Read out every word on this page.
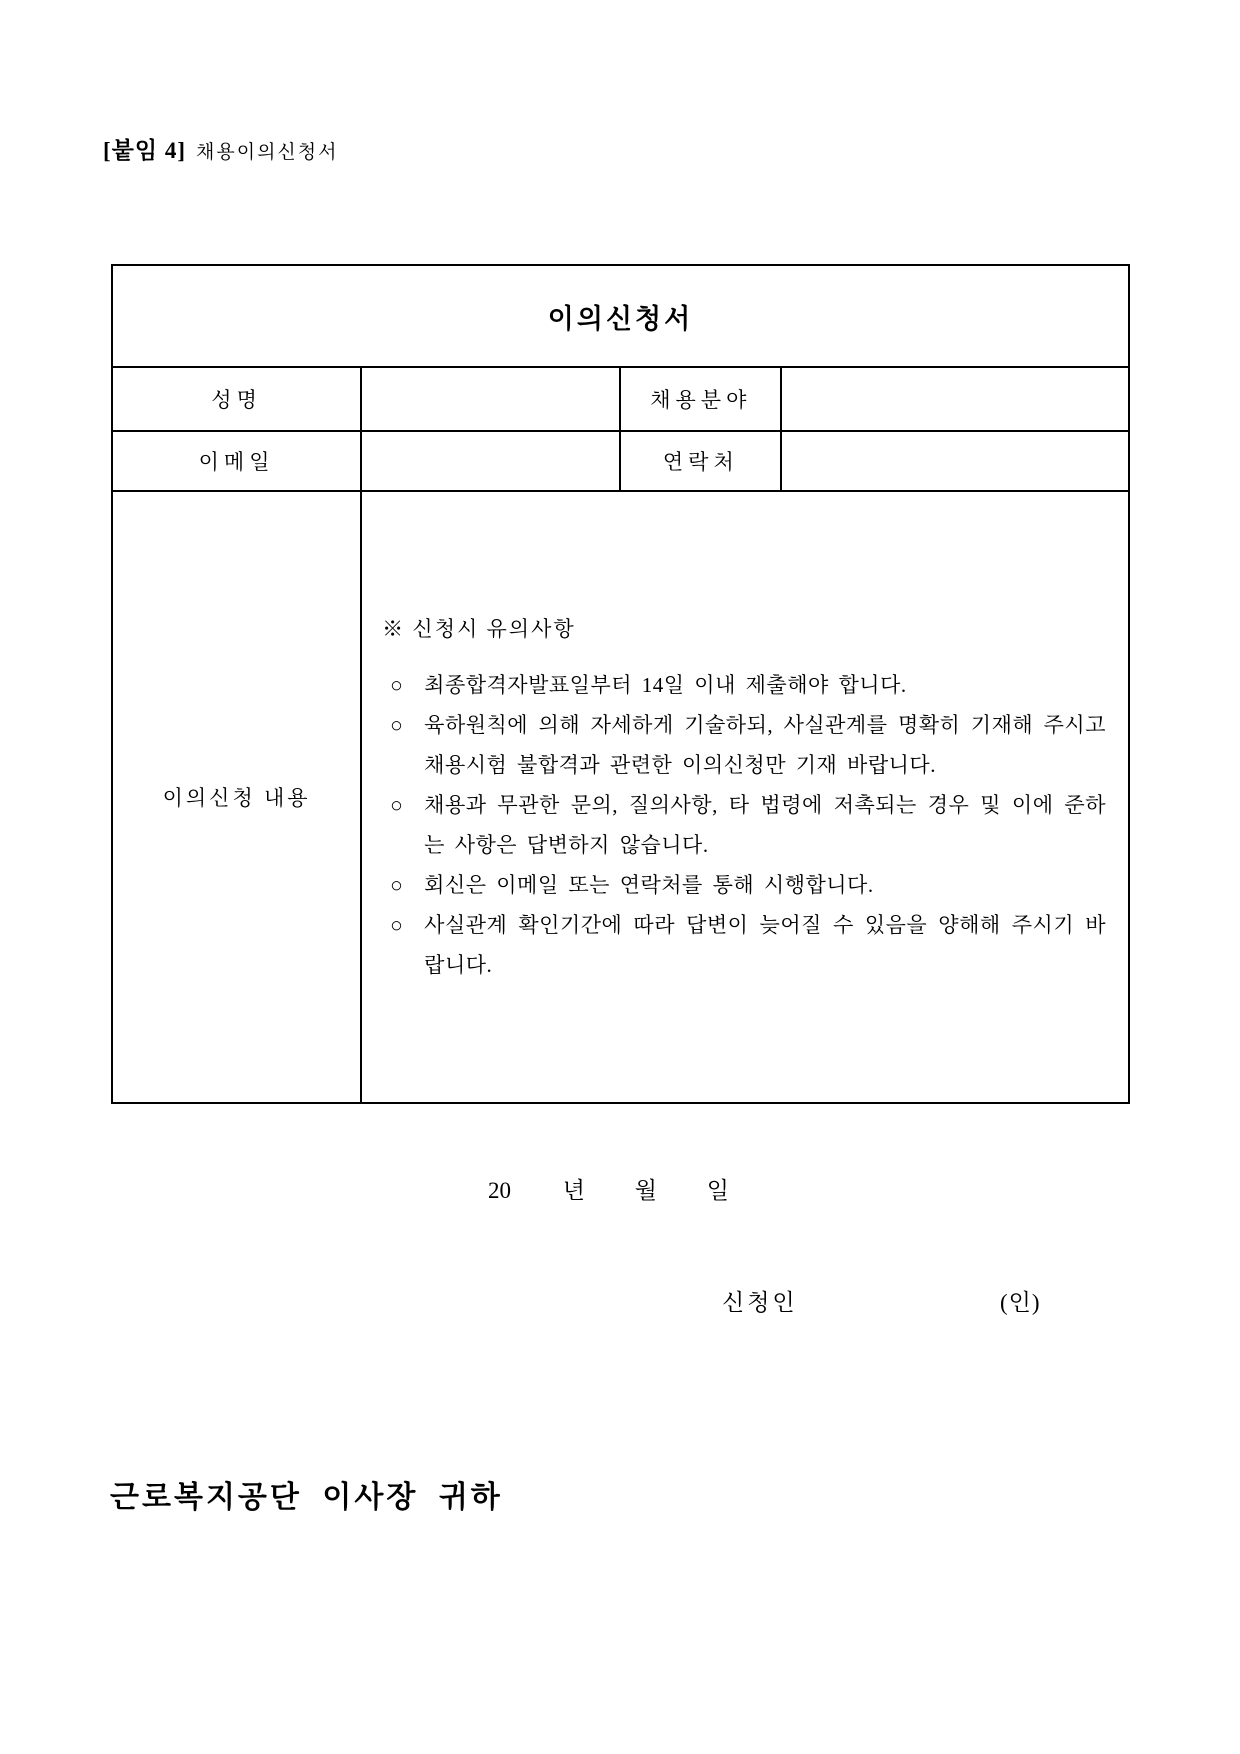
[붙임 4] 채용이의신청서
이의신청서			
성명		채용분야	
이메일		연락처	
이의신청 내용	
※ 신청시 유의사항
○	최종합격자발표일부터 14일 이내 제출해야 합니다.
○	육하원칙에 의해 자세하게 기술하되, 사실관계를 명확히 기재해 주시고 채용시험 불합격과 관련한 이의신청만 기재 바랍니다.
○	채용과 무관한 문의, 질의사항, 타 법령에 저촉되는 경우 및 이에 준하는 사항은 답변하지 않습니다.
○	회신은 이메일 또는 연락처를 통해 시행합니다.
○	사실관계 확인기간에 따라 답변이 늦어질 수 있음을 양해해 주시기 바랍니다.
20 년 월 일
신청인	(인)
근로복지공단 이사장 귀하
